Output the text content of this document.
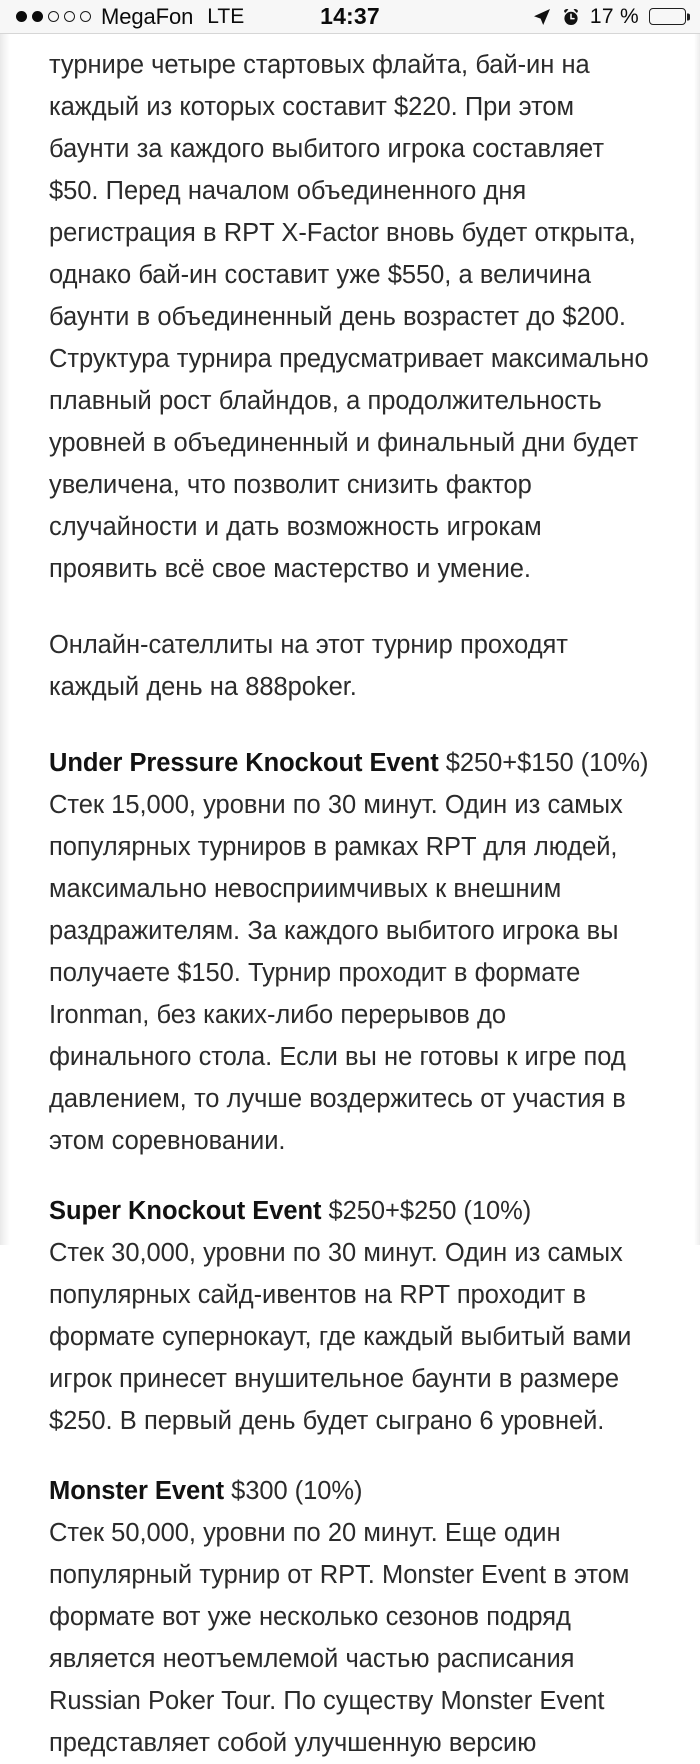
MegaFon LTE	14:37	17 %

турнире четыре стартовых флайта, бай-ин на каждый из которых составит $220. При этом баунти за каждого выбитого игрока составляет $50. Перед началом объединенного дня регистрация в RPT X-Factor вновь будет открыта, однако бай-ин составит уже $550, а величина баунти в объединенный день возрастет до $200. Структура турнира предусматривает максимально плавный рост блайндов, а продолжительность уровней в объединенный и финальный дни будет увеличена, что позволит снизить фактор случайности и дать возможность игрокам проявить всё свое мастерство и умение.

Онлайн-сателлиты на этот турнир проходят каждый день на 888poker.

Under Pressure Knockout Event $250+$150 (10%)

Стек 15,000, уровни по 30 минут. Один из самых популярных турниров в рамках RPT для людей, максимально невосприимчивых к внешним раздражителям. За каждого выбитого игрока вы получаете $150. Турнир проходит в формате Ironman, без каких-либо перерывов до финального стола. Если вы не готовы к игре под давлением, то лучше воздержитесь от участия в этом соревновании.

Super Knockout Event $250+$250 (10%)

Стек 30,000, уровни по 30 минут. Один из самых популярных сайд-ивентов на RPT проходит в формате супернокаут, где каждый выбитый вами игрок принесет внушительное баунти в размере $250. В первый день будет сыграно 6 уровней.

Monster Event $300 (10%)

Стек 50,000, уровни по 20 минут. Еще один популярный турнир от RPT. Monster Event в этом формате вот уже несколько сезонов подряд является неотъемлемой частью расписания Russian Poker Tour. По существу Monster Event представляет собой улучшенную версию
